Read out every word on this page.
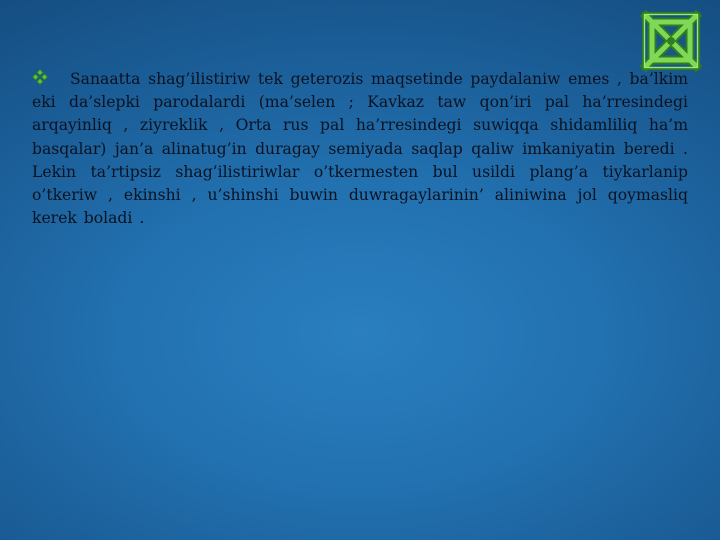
Sanaatta shag’ilistiriw tek geterozis maqsetinde paydalaniw emes , ba’lkim eki da’slepki parodalardi (ma’selen ; Kavkaz taw qon’iri pal ha’rresindegi arqayinliq , ziyreklik , Orta rus pal ha’rresindegi suwiqqa shidamliliq ha’m basqalar) jan’a alinatug’in duragay semiyada saqlap qaliw imkaniyatin beredi . Lekin ta’rtipsiz shag’ilistiriwlar o’tkermesten bul usildi plang’a tiykarlanip o’tkeriw , ekinshi , u’shinshi buwin duwragaylarinin’ aliniwina jol qoymasliq kerek boladi .
